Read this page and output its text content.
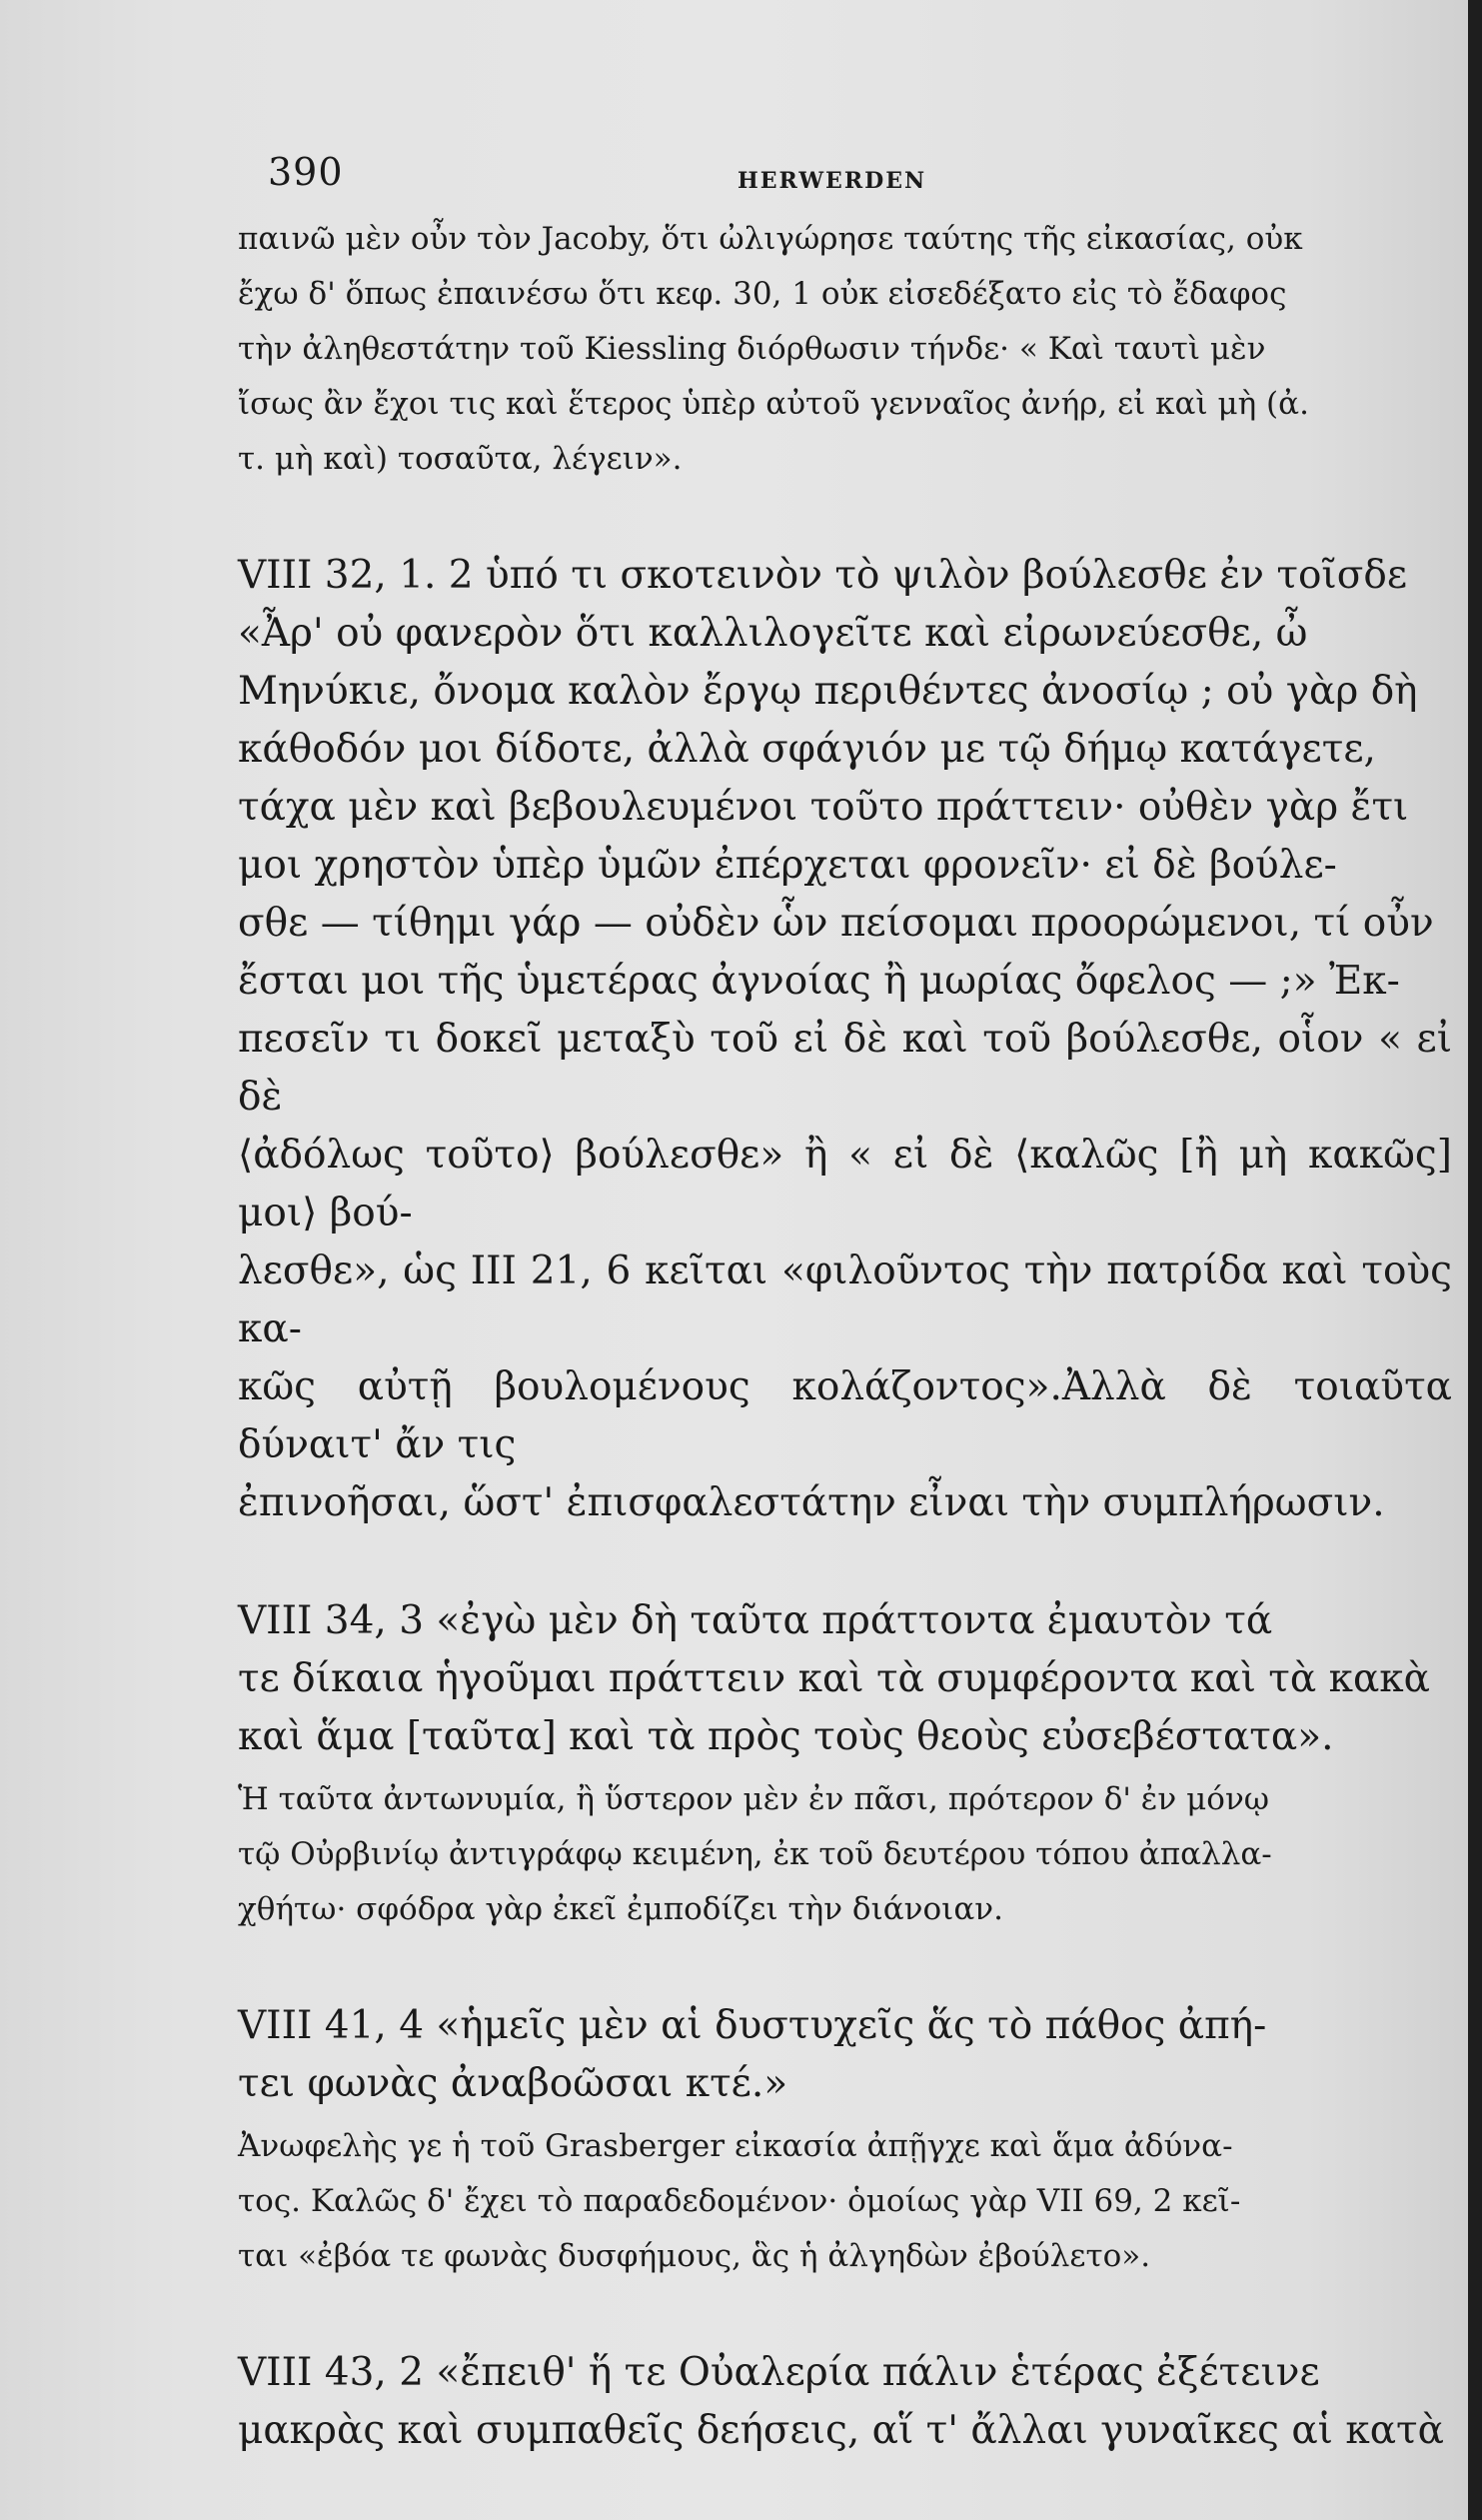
390	HERWERDEN

παινῶ μὲν οὖν τὸν Jacoby, ὅτι ὠλιγώρησε ταύτης τῆς εἰκασίας, οὐκ
ἔχω δ' ὅπως ἐπαινέσω ὅτι κεφ. 30, 1 οὐκ εἰσεδέξατο εἰς τὸ ἔδαφος
τὴν ἀληθεστάτην τοῦ Kiessling διόρθωσιν τήνδε· « Καὶ ταυτὶ μὲν
ἴσως ἂν ἔχοι τις καὶ ἕτερος ὑπὲρ αὐτοῦ γενναῖος ἀνήρ, εἰ καὶ μὴ (ἀ.
τ. μὴ καὶ) τοσαῦτα, λέγειν».

VIII 32, 1. 2 ὑπό τι σκοτεινὸν τὸ ψιλὸν βούλεσθε ἐν τοῖσδε
«Ἆρ' οὐ φανερὸν ὅτι καλλιλογεῖτε καὶ εἰρωνεύεσθε, ὦ
Μηνύκιε, ὄνομα καλὸν ἔργῳ περιθέντες ἀνοσίῳ ; οὐ γὰρ δὴ
κάθοδόν μοι δίδοτε, ἀλλὰ σφάγιόν με τῷ δήμῳ κατάγετε,
τάχα μὲν καὶ βεβουλευμένοι τοῦτο πράττειν· οὐθὲν γὰρ ἔτι
μοι χρηστὸν ὑπὲρ ὑμῶν ἐπέρχεται φρονεῖν· εἰ δὲ βούλε-
σθε — τίθημι γάρ — οὐδὲν ὧν πείσομαι προορώμενοι, τί οὖν
ἔσται μοι τῆς ὑμετέρας ἀγνοίας ἢ μωρίας ὄφελος — ;» Ἐκ-
πεσεῖν τι δοκεῖ μεταξὺ τοῦ εἰ δὲ καὶ τοῦ βούλεσθε, οἷον « εἰ δὲ
⟨ἀδόλως τοῦτο⟩ βούλεσθε» ἢ « εἰ δὲ ⟨καλῶς [ἢ μὴ κακῶς] μοι⟩ βού-
λεσθε», ὡς III 21, 6 κεῖται «φιλοῦντος τὴν πατρίδα καὶ τοὺς κα-
κῶς αὐτῇ βουλομένους κολάζοντος».Ἀλλὰ δὲ τοιαῦτα δύναιτ' ἄν τις
ἐπινοῆσαι, ὥστ' ἐπισφαλεστάτην εἶναι τὴν συμπλήρωσιν.

VIII 34, 3 «ἐγὼ μὲν δὴ ταῦτα πράττοντα ἐμαυτὸν τά
τε δίκαια ἡγοῦμαι πράττειν καὶ τὰ συμφέροντα καὶ τὰ κακὰ
καὶ ἅμα [ταῦτα] καὶ τὰ πρὸς τοὺς θεοὺς εὐσεβέστατα».

Ἡ ταῦτα ἀντωνυμία, ἢ ὕστερον μὲν ἐν πᾶσι, πρότερον δ' ἐν μόνῳ
τῷ Οὐρβινίῳ ἀντιγράφῳ κειμένη, ἐκ τοῦ δευτέρου τόπου ἀπαλλα-
χθήτω· σφόδρα γὰρ ἐκεῖ ἐμποδίζει τὴν διάνοιαν.

VIII 41, 4 «ἡμεῖς μὲν αἱ δυστυχεῖς ἅς τὸ πάθος ἀπή-
τει φωνὰς ἀναβοῶσαι κτέ.»

Ἀνωφελὴς γε ἡ τοῦ Grasberger εἰκασία ἀπῇγχε καὶ ἅμα ἀδύνα-
τος. Καλῶς δ' ἔχει τὸ παραδεδομένον· ὁμοίως γὰρ VII 69, 2 κεῖ-
ται «ἐβόα τε φωνὰς δυσφήμους, ἃς ἡ ἀλγηδὼν ἐβούλετο».

VIII 43, 2 «ἔπειθ' ἥ τε Οὐαλερία πάλιν ἑτέρας ἐξέτεινε
μακρὰς καὶ συμπαθεῖς δεήσεις, αἵ τ' ἄλλαι γυναῖκες αἱ κατὰ
